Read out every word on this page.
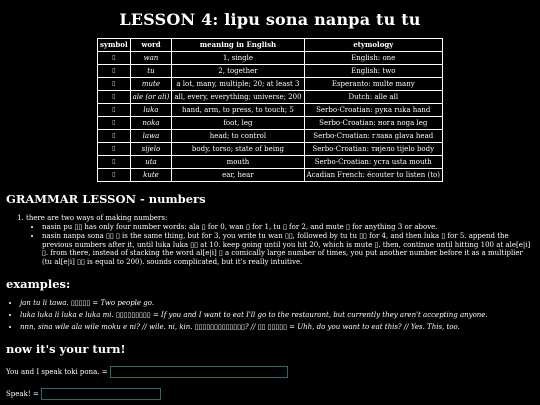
LESSON 4: lipu sona nanpa tu tu
symbol	word	meaning in English	etymology
▯	wan	1, single	English: one
▯	tu	2, together	English: two
▯	mute	a lot, many, multiple; 20; at least 3	Esperanto: multe many
▯	ale (or ali)	all, every, everything; universe; 200	Dutch: alle all
▯	luka	hand, arm, to press, to touch; 5	Serbo-Croatian: рука ruka hand
▯	noka	foot, leg	Serbo-Croatian: нога noga leg
▯	lawa	head; to control	Serbo-Croatian: глава glava head
▯	sijelo	body, torso; state of being	Serbo-Croatian: тијело tijelo body
▯	uta	mouth	Serbo-Croatian: уста usta mouth
▯	kute	ear, hear	Acadian French: écouter to listen (to)
GRAMMAR LESSON - numbers
1. there are two ways of making numbers:
• nasin pu ▯▯ has only four number words: ala ▯ for 0, wan ▯ for 1, tu ▯ for 2, and mute ▯ for anything 3 or above.
• nasin nanpa sona ▯▯ ▯ is the same thing, but for 3, you write tu wan ▯▯, followed by tu tu ▯▯ for 4, and then luka ▯ for 5. append the previous numbers after it, until luka luka ▯▯ at 10. keep going until you hit 20, which is mute ▯. then, continue until hitting 100 at ale[e|i] ▯. from there, instead of stacking the word al[e|i] ▯ a comically large number of times, you put another number before it as a multiplier (tu al[e|i] ▯▯ is equal to 200). sounds complicated, but it's really intuitive.
examples:
• jan tu li tawa. ▯▯▯▯▯ = Two people go.
• luka luka li luka e luka mi. ▯▯▯▯▯▯▯▯▯ = If you and I want to eat I'll go to the restaurant, but currently they aren't accepting anyone.
• nnn, sina wile ala wile moku e ni? // wile. ni, kin. ▯▯▯▯▯▯▯▯▯▯▯▯▯? // ▯▯ ▯▯▯▯▯ = Uhh, do you want to eat this? // Yes. This, too.
now it's your turn!
You and I speak toki pona. =
Speak! =
